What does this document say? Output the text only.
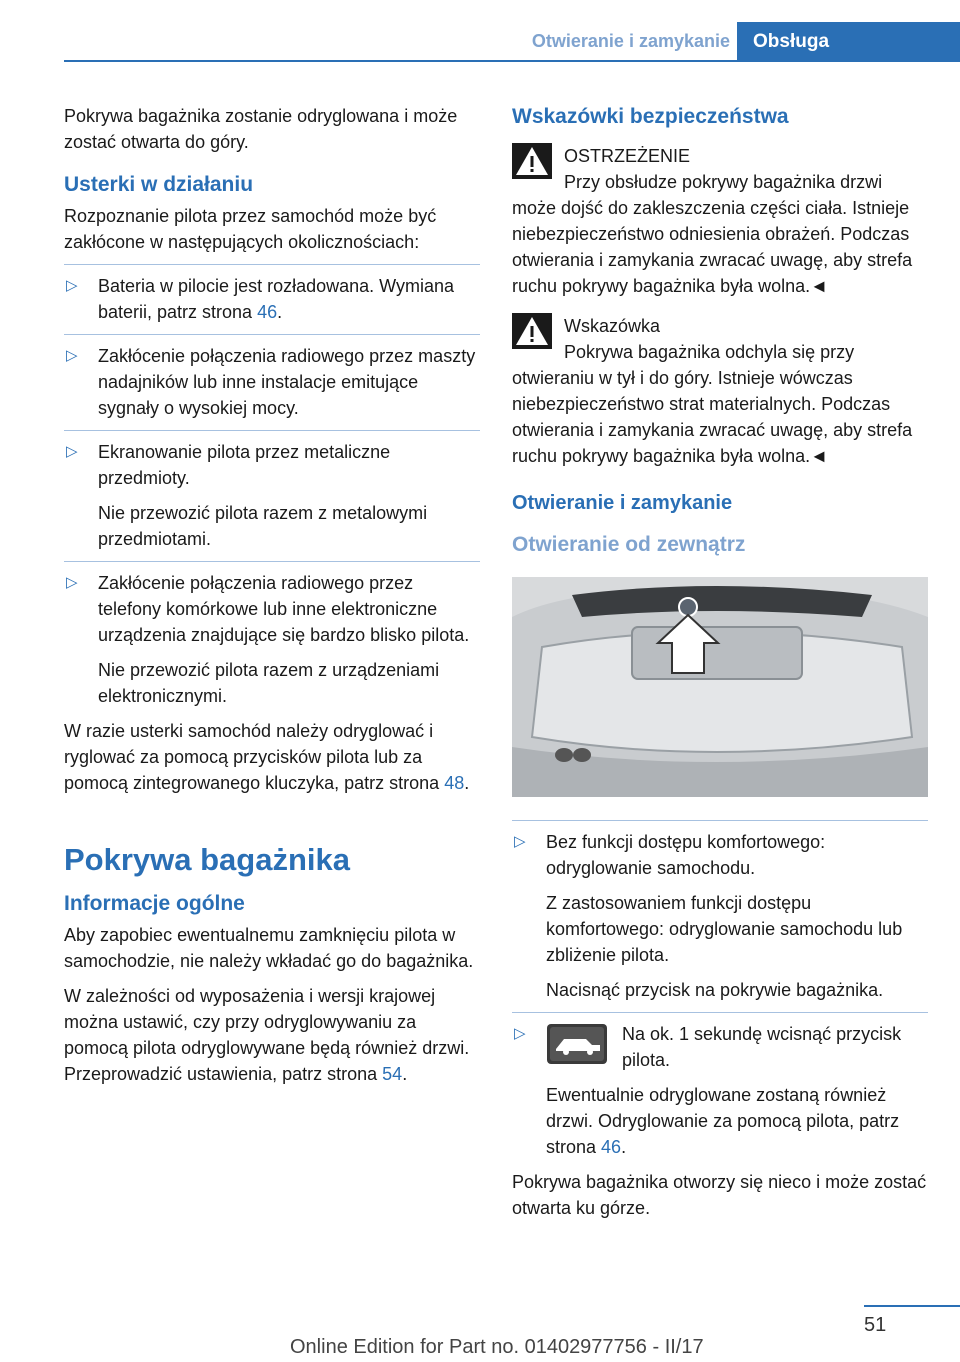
Otwieranie i zamykanie	Obsługa

Pokrywa bagażnika zostanie odryglowana i może zostać otwarta do góry.

Usterki w działaniu

Rozpoznanie pilota przez samochód może być zakłócone w następujących okolicznościach:

▷ Bateria w pilocie jest rozładowana. Wymiana baterii, patrz strona 46.

▷ Zakłócenie połączenia radiowego przez maszty nadajników lub inne instalacje emitujące sygnały o wysokiej mocy.

▷ Ekranowanie pilota przez metaliczne przedmioty.

Nie przewozić pilota razem z metalowymi przedmiotami.

▷ Zakłócenie połączenia radiowego przez telefony komórkowe lub inne elektroniczne urządzenia znajdujące się bardzo blisko pilota.

Nie przewozić pilota razem z urządzeniami elektronicznymi.

W razie usterki samochód należy odryglować i ryglować za pomocą przycisków pilota lub za pomocą zintegrowanego kluczyka, patrz strona 48.

Pokrywa bagażnika
Informacje ogólne

Aby zapobiec ewentualnemu zamknięciu pilota w samochodzie, nie należy wkładać go do bagażnika.

W zależności od wyposażenia i wersji krajowej można ustawić, czy przy odryglowywaniu za pomocą pilota odryglowywane będą również drzwi. Przeprowadzić ustawienia, patrz strona 54.

Wskazówki bezpieczeństwa
OSTRZEŻENIE
Przy obsłudze pokrywy bagażnika drzwi może dojść do zakleszczenia części ciała. Istnieje niebezpieczeństwo odniesienia obrażeń. Podczas otwierania i zamykania zwracać uwagę, aby strefa ruchu pokrywy bagażnika była wolna.◄
Wskazówka
Pokrywa bagażnika odchyla się przy otwieraniu w tył i do góry. Istnieje wówczas niebezpieczeństwo strat materialnych. Podczas otwierania i zamykania zwracać uwagę, aby strefa ruchu pokrywy bagażnika była wolna.◄
Otwieranie i zamykanie
Otwieranie od zewnątrz
▷ Bez funkcji dostępu komfortowego: odryglowanie samochodu.

Z zastosowaniem funkcji dostępu komfortowego: odryglowanie samochodu lub zbliżenie pilota.

Nacisnąć przycisk na pokrywie bagażnika.

▷	Na ok. 1 sekundę wcisnąć przycisk pilota.

Ewentualnie odryglowane zostaną również drzwi. Odryglowanie za pomocą pilota, patrz strona 46.

Pokrywa bagażnika otworzy się nieco i może zostać otwarta ku górze.

51
Online Edition for Part no. 01402977756 - II/17
